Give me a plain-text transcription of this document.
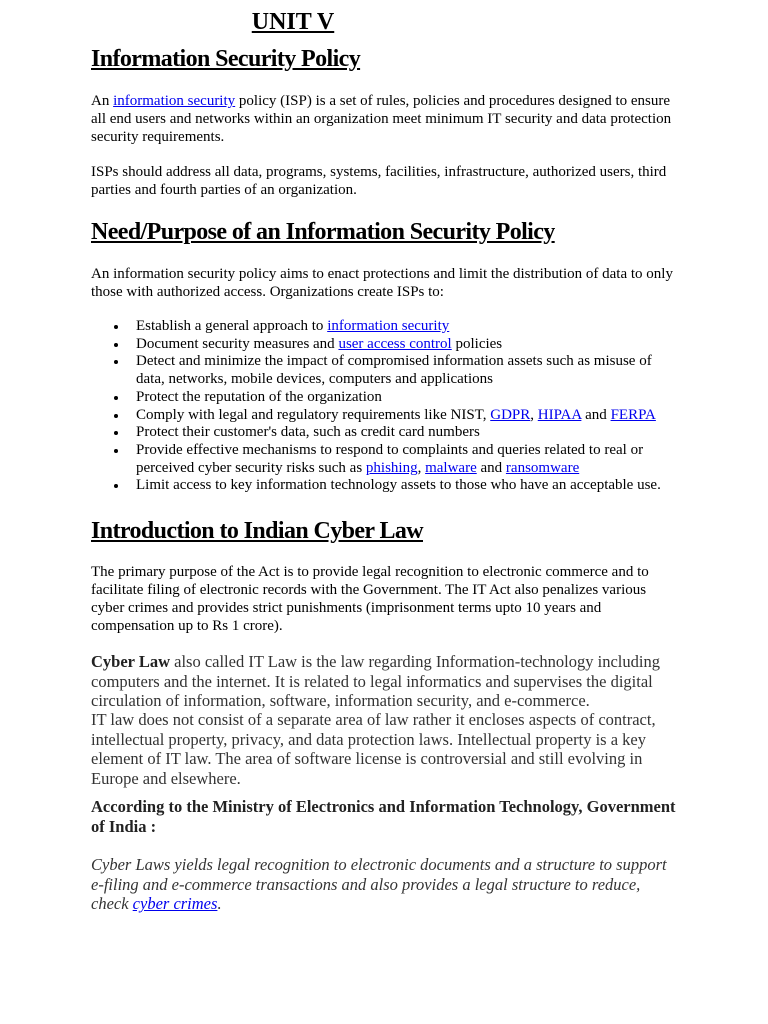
UNIT V
Information Security Policy

An information security policy (ISP) is a set of rules, policies and procedures designed to ensure all end users and networks within an organization meet minimum IT security and data protection security requirements.

ISPs should address all data, programs, systems, facilities, infrastructure, authorized users, third parties and fourth parties of an organization.

Need/Purpose of an Information Security Policy

An information security policy aims to enact protections and limit the distribution of data to only those with authorized access. Organizations create ISPs to:

Establish a general approach to information security
Document security measures and user access control policies
Detect and minimize the impact of compromised information assets such as misuse of data, networks, mobile devices, computers and applications
Protect the reputation of the organization
Comply with legal and regulatory requirements like NIST, GDPR, HIPAA and FERPA
Protect their customer's data, such as credit card numbers
Provide effective mechanisms to respond to complaints and queries related to real or perceived cyber security risks such as phishing, malware and ransomware
Limit access to key information technology assets to those who have an acceptable use.
Introduction to Indian Cyber Law

The primary purpose of the Act is to provide legal recognition to electronic commerce and to facilitate filing of electronic records with the Government. The IT Act also penalizes various cyber crimes and provides strict punishments (imprisonment terms upto 10 years and compensation up to Rs 1 crore).

Cyber Law also called IT Law is the law regarding Information-technology including computers and the internet. It is related to legal informatics and supervises the digital circulation of information, software, information security, and e-commerce.

IT law does not consist of a separate area of law rather it encloses aspects of contract, intellectual property, privacy, and data protection laws. Intellectual property is a key element of IT law. The area of software license is controversial and still evolving in Europe and elsewhere.

According to the Ministry of Electronics and Information Technology, Government of India :

Cyber Laws yields legal recognition to electronic documents and a structure to support e-filing and e-commerce transactions and also provides a legal structure to reduce, check cyber crimes.
